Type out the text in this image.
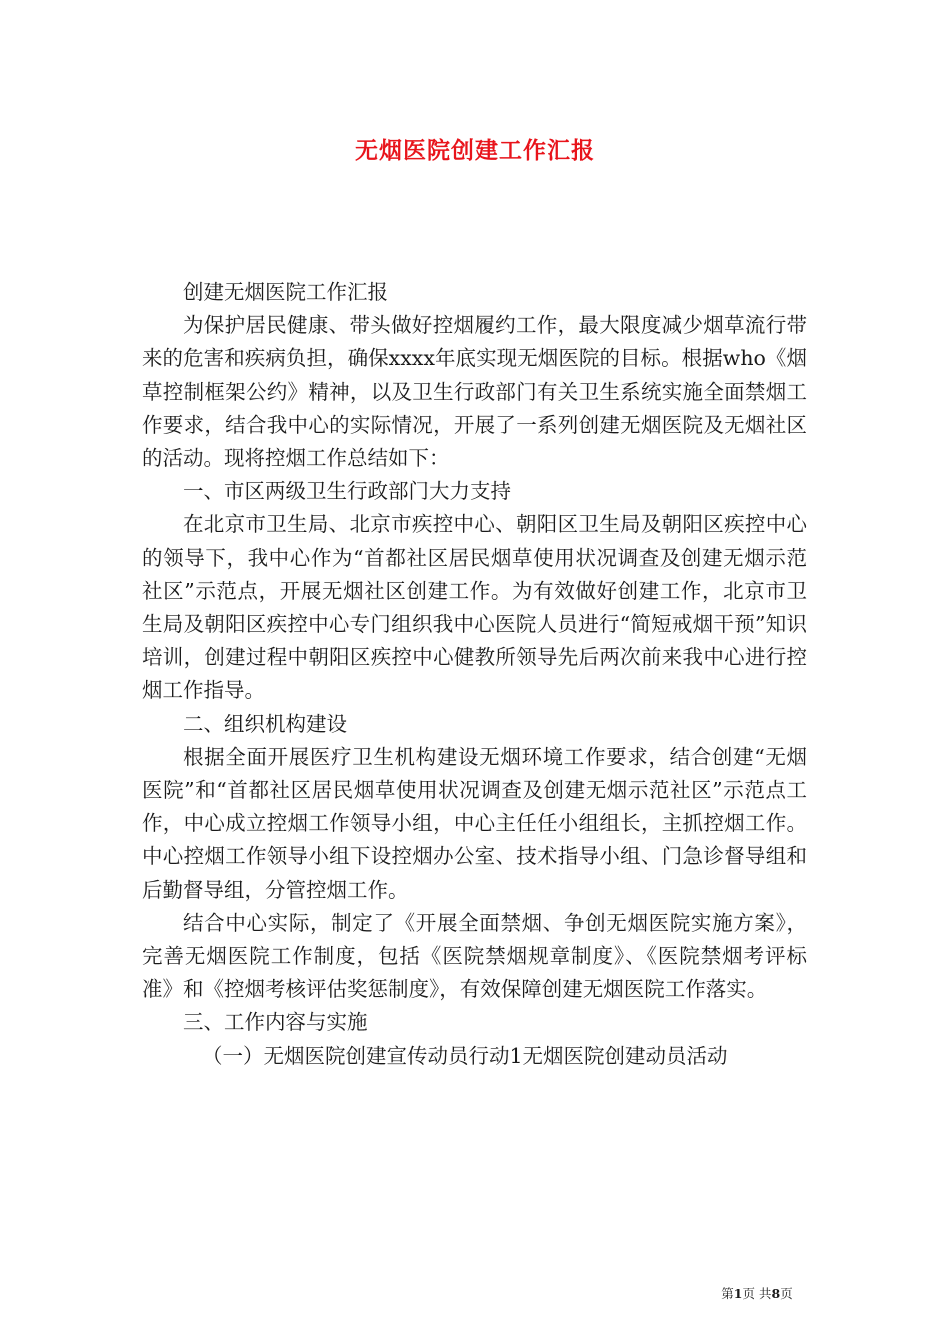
无烟医院创建工作汇报

创建无烟医院工作汇报

为保护居民健康、带头做好控烟履约工作，最大限度减少烟草流行带来的危害和疾病负担，确保xxxx年底实现无烟医院的目标。根据who《烟草控制框架公约》精神，以及卫生行政部门有关卫生系统实施全面禁烟工作要求，结合我中心的实际情况，开展了一系列创建无烟医院及无烟社区的活动。现将控烟工作总结如下：

一、市区两级卫生行政部门大力支持

在北京市卫生局、北京市疾控中心、朝阳区卫生局及朝阳区疾控中心的领导下，我中心作为“首都社区居民烟草使用状况调查及创建无烟示范社区”示范点，开展无烟社区创建工作。为有效做好创建工作，北京市卫生局及朝阳区疾控中心专门组织我中心医院人员进行“简短戒烟干预”知识培训，创建过程中朝阳区疾控中心健教所领导先后两次前来我中心进行控烟工作指导。

二、组织机构建设

根据全面开展医疗卫生机构建设无烟环境工作要求，结合创建“无烟医院”和“首都社区居民烟草使用状况调查及创建无烟示范社区”示范点工作，中心成立控烟工作领导小组，中心主任任小组组长，主抓控烟工作。中心控烟工作领导小组下设控烟办公室、技术指导小组、门急诊督导组和后勤督导组，分管控烟工作。

结合中心实际，制定了《开展全面禁烟、争创无烟医院实施方案》，完善无烟医院工作制度，包括《医院禁烟规章制度》、《医院禁烟考评标准》和《控烟考核评估奖惩制度》，有效保障创建无烟医院工作落实。

三、工作内容与实施

（一）无烟医院创建宣传动员行动1无烟医院创建动员活动

第1页 共8页
